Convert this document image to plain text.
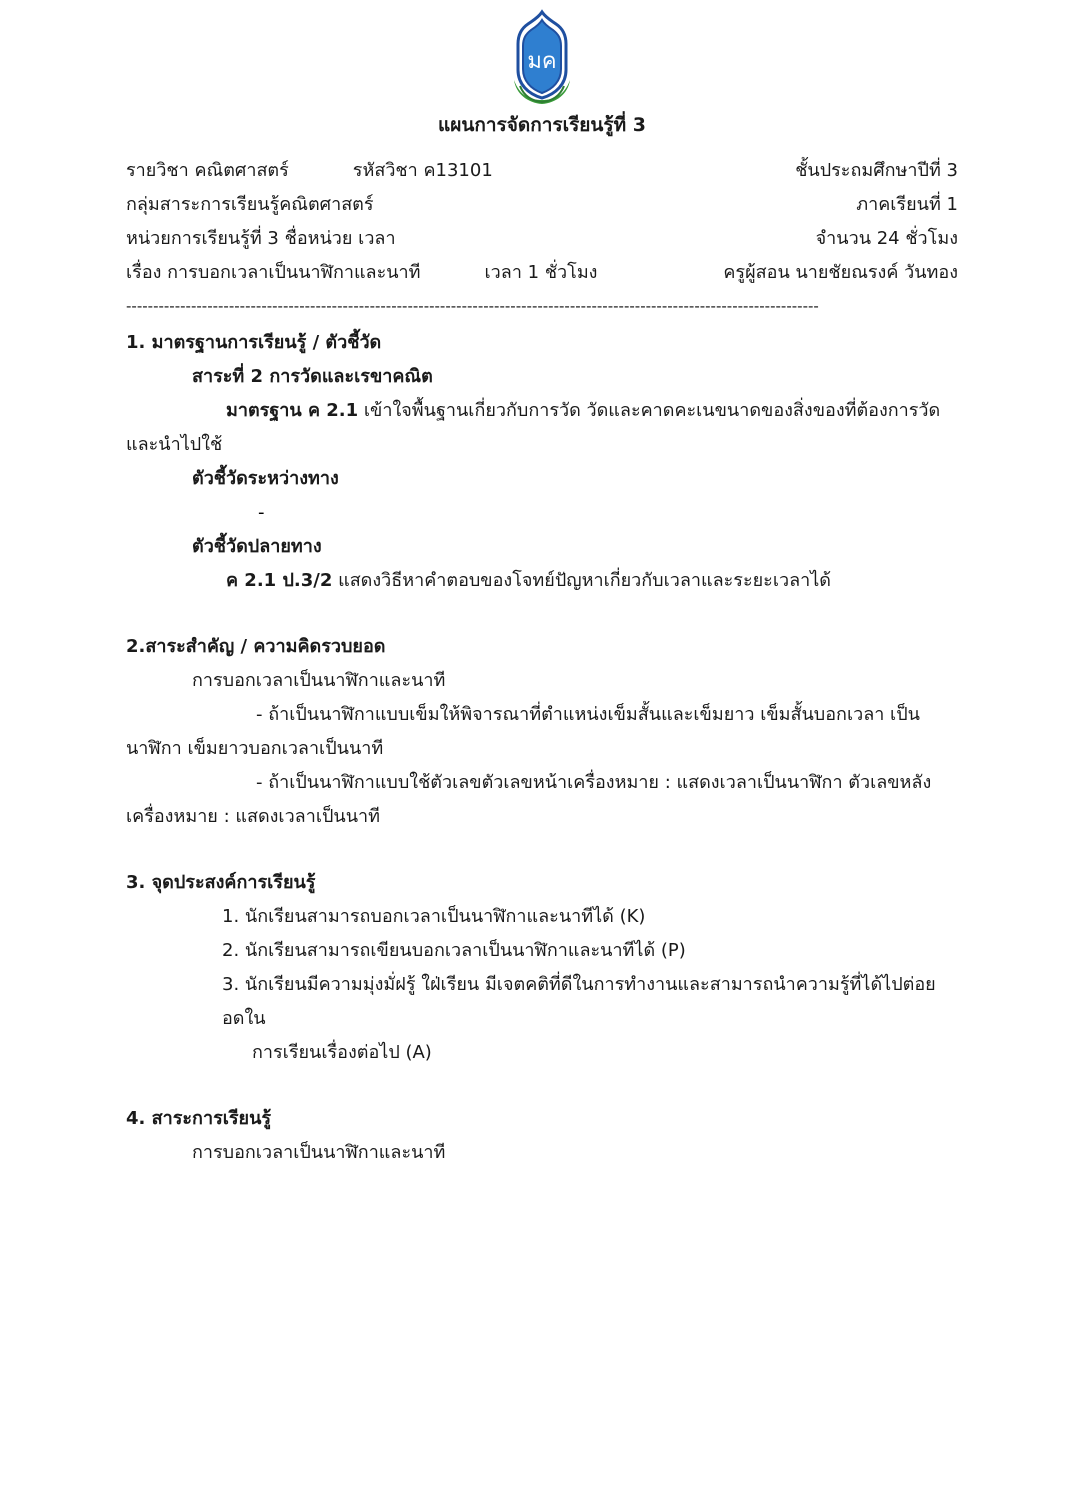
มค
แผนการจัดการเรียนรู้ที่ 3
รายวิชา คณิตศาสตร์	รหัสวิชา ค13101	ชั้นประถมศึกษาปีที่ 3
กลุ่มสาระการเรียนรู้คณิตศาสตร์	ภาคเรียนที่ 1
หน่วยการเรียนรู้ที่ 3 ชื่อหน่วย เวลา	จำนวน 24 ชั่วโมง
เรื่อง การบอกเวลาเป็นนาฬิกาและนาที	เวลา 1 ชั่วโมง	ครูผู้สอน นายชัยณรงค์ วันทอง
--------------------------------------------------------------------------------------------------------------------------------
1. มาตรฐานการเรียนรู้ / ตัวชี้วัด
สาระที่ 2 การวัดและเรขาคณิต
มาตรฐาน ค 2.1 เข้าใจพื้นฐานเกี่ยวกับการวัด วัดและคาดคะเนขนาดของสิ่งของที่ต้องการวัด
และนำไปใช้
ตัวชี้วัดระหว่างทาง
-
ตัวชี้วัดปลายทาง
ค 2.1 ป.3/2 แสดงวิธีหาคำตอบของโจทย์ปัญหาเกี่ยวกับเวลาและระยะเวลาได้
2.สาระสำคัญ / ความคิดรวบยอด
การบอกเวลาเป็นนาฬิกาและนาที
- ถ้าเป็นนาฬิกาแบบเข็มให้พิจารณาที่ตำแหน่งเข็มสั้นและเข็มยาว เข็มสั้นบอกเวลา เป็น
นาฬิกา เข็มยาวบอกเวลาเป็นนาที
- ถ้าเป็นนาฬิกาแบบใช้ตัวเลขตัวเลขหน้าเครื่องหมาย : แสดงเวลาเป็นนาฬิกา ตัวเลขหลัง
เครื่องหมาย : แสดงเวลาเป็นนาที
3. จุดประสงค์การเรียนรู้
1. นักเรียนสามารถบอกเวลาเป็นนาฬิกาและนาทีได้ (K)
2. นักเรียนสามารถเขียนบอกเวลาเป็นนาฬิกาและนาทีได้ (P)
3. นักเรียนมีความมุ่งมั่ฝรู้ ใฝ่เรียน มีเจตคติที่ดีในการทำงานและสามารถนำความรู้ที่ได้ไปต่อยอดใน
การเรียนเรื่องต่อไป (A)
4. สาระการเรียนรู้
การบอกเวลาเป็นนาฬิกาและนาที
